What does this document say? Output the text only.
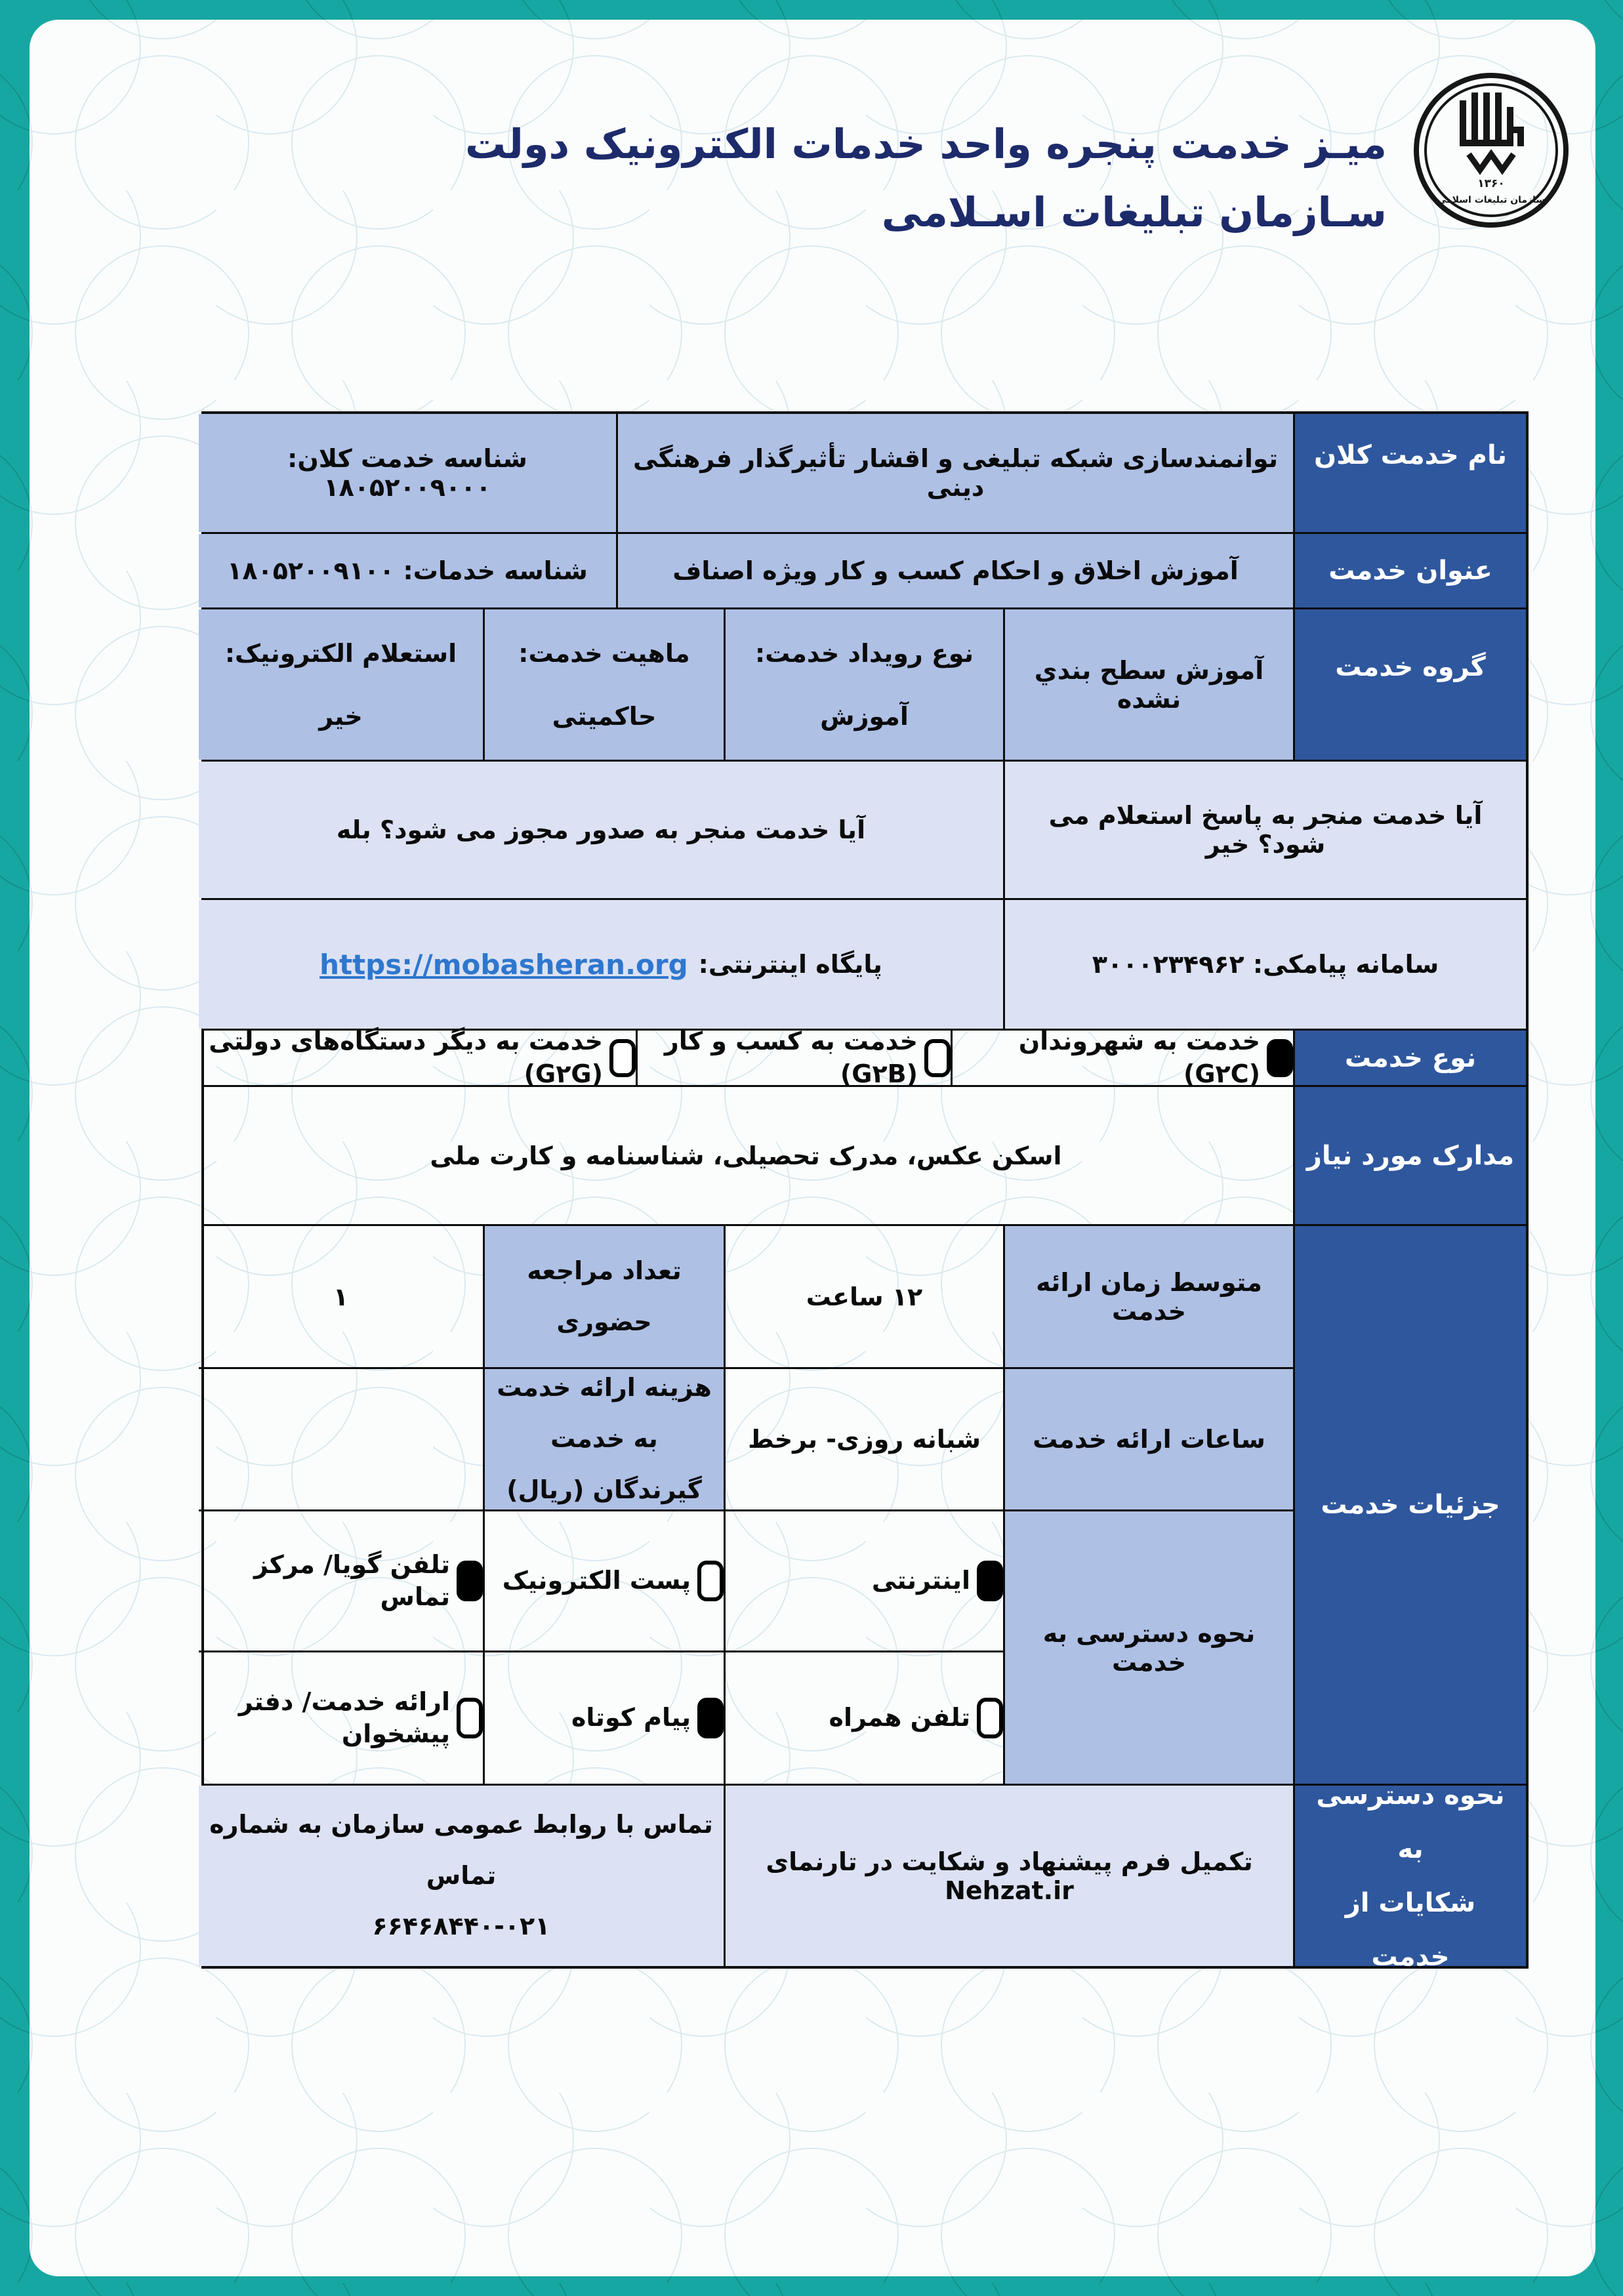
میـز خدمت پنجره واحد خدمات الکترونیک دولت
سـازمان تبلیغات اسـلامی
۱۳۶۰
سازمان تبلیغات اسلامی
نام خدمت کلان
توانمندسازی شبکه تبلیغی و اقشار تأثیرگذار فرهنگی دینی
شناسه خدمت کلان: ۱۸۰۵۲۰۰۹۰۰۰
عنوان خدمت
آموزش اخلاق و احکام کسب و کار ویژه اصناف
شناسه خدمات: ۱۸۰۵۲۰۰۹۱۰۰
گروه خدمت
آموزش سطح بندي نشده
نوع رویداد خدمت:
آموزش
ماهیت خدمت:
حاکمیتی
استعلام الکترونیک:
خیر
آیا خدمت منجر به پاسخ استعلام می شود؟ خیر
آیا خدمت منجر به صدور مجوز می شود؟ بله
سامانه پیامکی: ۳۰۰۰۲۳۴۹۶۲
پایگاه اینترنتی:
https://mobasheran.org
نوع خدمت
خدمت به شهروندان (G۲C)
خدمت به کسب و کار (G۲B)
خدمت به دیگر دستگاه‌های دولتی (G۲G)
مدارک مورد نیاز
اسکن عکس، مدرک تحصیلی، شناسنامه و کارت ملی
جزئیات خدمت
متوسط زمان ارائه خدمت
۱۲ ساعت
تعداد مراجعه حضوری
۱
ساعات ارائه خدمت
شبانه روزی- برخط
هزینه ارائه خدمت به خدمت گیرندگان (ریال)
نحوه دسترسی به خدمت
اینترنتی
پست الکترونیک
تلفن گویا/ مرکز تماس
تلفن همراه
پیام کوتاه
ارائه خدمت/ دفتر پیشخوان
نحوه دسترسی به
شکایات از خدمت
تکمیل فرم پیشنهاد و شکایت در تارنمای Nehzat.ir
تماس با روابط عمومی سازمان به شماره تماس
۶۶۴۶۸۴۴۰-۰۲۱
